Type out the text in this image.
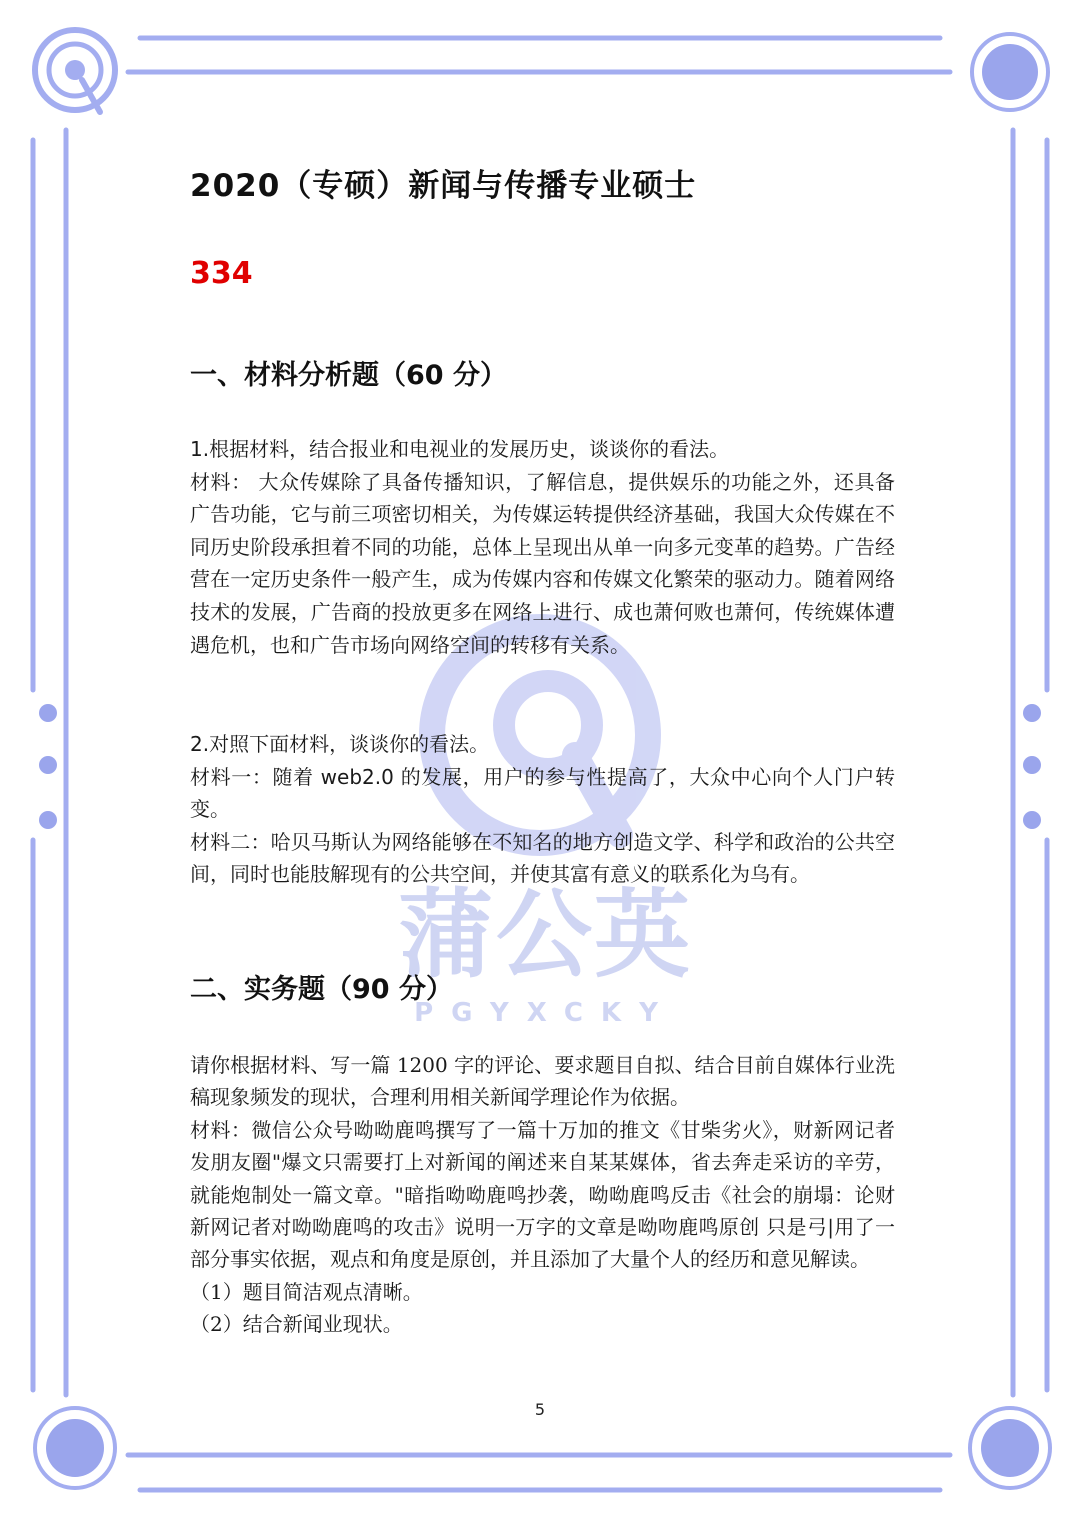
蒲公英
PGYXCKY
2020（专硕）新闻与传播专业硕士
334
一、材料分析题（60 分）
1.根据材料，结合报业和电视业的发展历史，谈谈你的看法。
材料： 大众传媒除了具备传播知识，了解信息，提供娱乐的功能之外，还具备广告功能，它与前三项密切相关，为传媒运转提供经济基础，我国大众传媒在不同历史阶段承担着不同的功能，总体上呈现出从单一向多元变革的趋势。广告经营在一定历史条件一般产生，成为传媒内容和传媒文化繁荣的驱动力。随着网络技术的发展，广告商的投放更多在网络上进行、成也萧何败也萧何，传统媒体遭遇危机，也和广告市场向网络空间的转移有关系。
2.对照下面材料，谈谈你的看法。
材料一：随着 web2.0 的发展，用户的参与性提高了，大众中心向个人门户转变。
材料二：哈贝马斯认为网络能够在不知名的地方创造文学、科学和政治的公共空间，同时也能肢解现有的公共空间，并使其富有意义的联系化为乌有。
二、实务题（90 分）
请你根据材料、写一篇 1200 字的评论、要求题目自拟、结合目前自媒体行业洗稿现象频发的现状，合理利用相关新闻学理论作为依据。
材料：微信公众号呦呦鹿鸣撰写了一篇十万加的推文《甘柴劣火》，财新网记者发朋友圈"爆文只需要打上对新闻的阐述来自某某媒体，省去奔走采访的辛劳，就能炮制处一篇文章。"暗指呦呦鹿鸣抄袭，呦呦鹿鸣反击《社会的崩塌：论财新网记者对呦呦鹿鸣的攻击》说明一万字的文章是呦吻鹿鸣原创 只是弓|用了一部分事实依据，观点和角度是原创，并且添加了大量个人的经历和意见解读。
（1）题目简洁观点清晰。
（2）结合新闻业现状。
5
